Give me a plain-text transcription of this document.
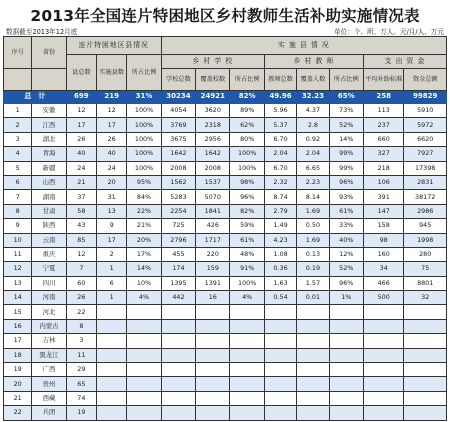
2013年全国连片特困地区乡村教师生活补助实施情况表
数据截至2013年12月底	单位：个、所、万人、元/月/人、万元
序号	省份	连片特困地区县情况			实 施 县 情 况							
		县总数	实施县数	所占比例	乡 村 学 校			乡 村 教 师			支 出 资 金	
					学校总数	覆盖校数	所占比例	教师总数	覆盖人数	所占比例	平均补助标准	资金总额
总　计		699	219	31%	30234	24921	82%	49.96	32.23	65%	258	99829
1	安徽	12	12	100%	4054	3620	89%	5.96	4.37	73%	113	5910
2	江西	17	17	100%	3769	2318	62%	5.37	2.8	52%	237	5972
3	湖北	26	26	100%	3675	2956	80%	6.70	0.92	14%	660	6620
4	青海	40	40	100%	1642	1642	100%	2.04	2.04	99%	327	7927
5	新疆	24	24	100%	2008	2008	100%	6.70	6.65	99%	218	17398
6	山西	21	20	95%	1562	1537	98%	2.32	2.23	96%	106	2831
7	湖南	37	31	84%	5283	5070	96%	8.74	8.14	93%	391	38172
8	甘肃	58	13	22%	2254	1841	82%	2.79	1.69	61%	147	2986
9	陕西	43	9	21%	725	426	59%	1.49	0.50	33%	158	945
10	云南	85	17	20%	2796	1717	61%	4.23	1.69	40%	98	1998
11	重庆	12	2	17%	455	220	48%	1.08	0.13	12%	160	280
12	宁夏	7	1	14%	174	159	91%	0.36	0.19	52%	34	75
13	四川	60	6	10%	1395	1391	100%	1.63	1.57	96%	466	8801
14	河南	26	1	4%	442	16	4%	0.54	0.01	1%	500	32
15	河北	22										
16	内蒙古	8										
17	吉林	3										
18	黑龙江	11										
19	广西	29										
20	贵州	65										
21	西藏	74										
22	兵团	19										
